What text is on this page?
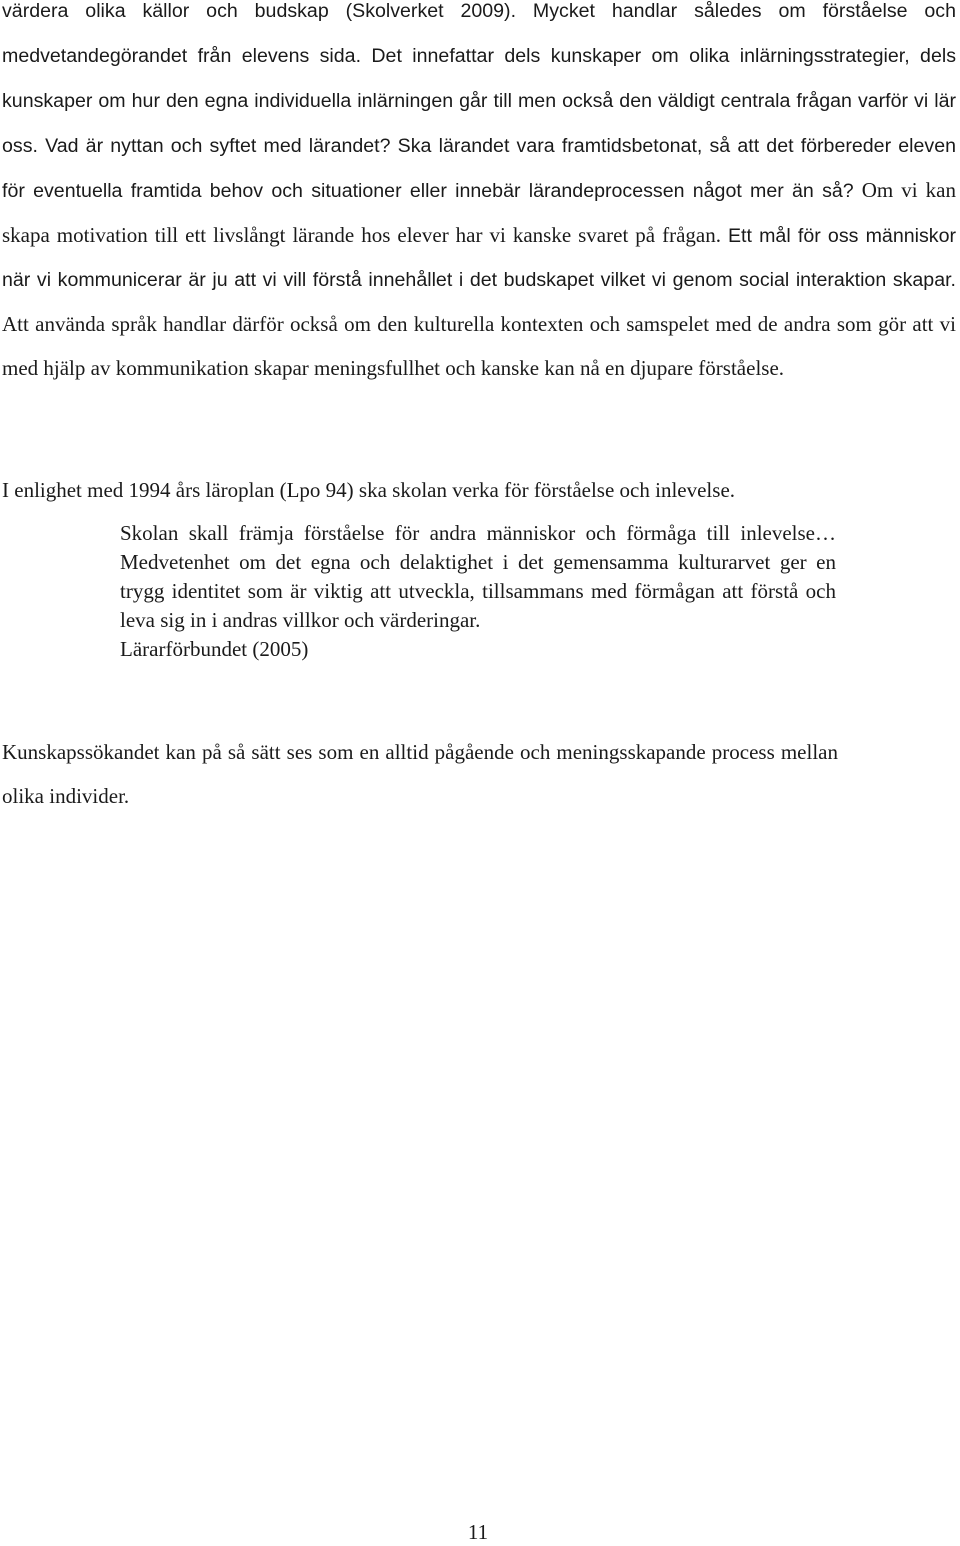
värdera olika källor och budskap (Skolverket 2009). Mycket handlar således om förståelse och medvetandegörandet från elevens sida. Det innefattar dels kunskaper om olika inlärningsstrategier, dels kunskaper om hur den egna individuella inlärningen går till men också den väldigt centrala frågan varför vi lär oss. Vad är nyttan och syftet med lärandet? Ska lärandet vara framtidsbetonat, så att det förbereder eleven för eventuella framtida behov och situationer eller innebär lärandeprocessen något mer än så? Om vi kan skapa motivation till ett livslångt lärande hos elever har vi kanske svaret på frågan. Ett mål för oss människor när vi kommunicerar är ju att vi vill förstå innehållet i det budskapet vilket vi genom social interaktion skapar. Att använda språk handlar därför också om den kulturella kontexten och samspelet med de andra som gör att vi med hjälp av kommunikation skapar meningsfullhet och kanske kan nå en djupare förståelse.

I enlighet med 1994 års läroplan (Lpo 94) ska skolan verka för förståelse och inlevelse.

Skolan skall främja förståelse för andra människor och förmåga till inlevelse… Medvetenhet om det egna och delaktighet i det gemensamma kulturarvet ger en trygg identitet som är viktig att utveckla, tillsammans med förmågan att förstå och leva sig in i andras villkor och värderingar.
Lärarförbundet (2005)

Kunskapssökandet kan på så sätt ses som en alltid pågående och meningsskapande process mellan olika individer.

11
